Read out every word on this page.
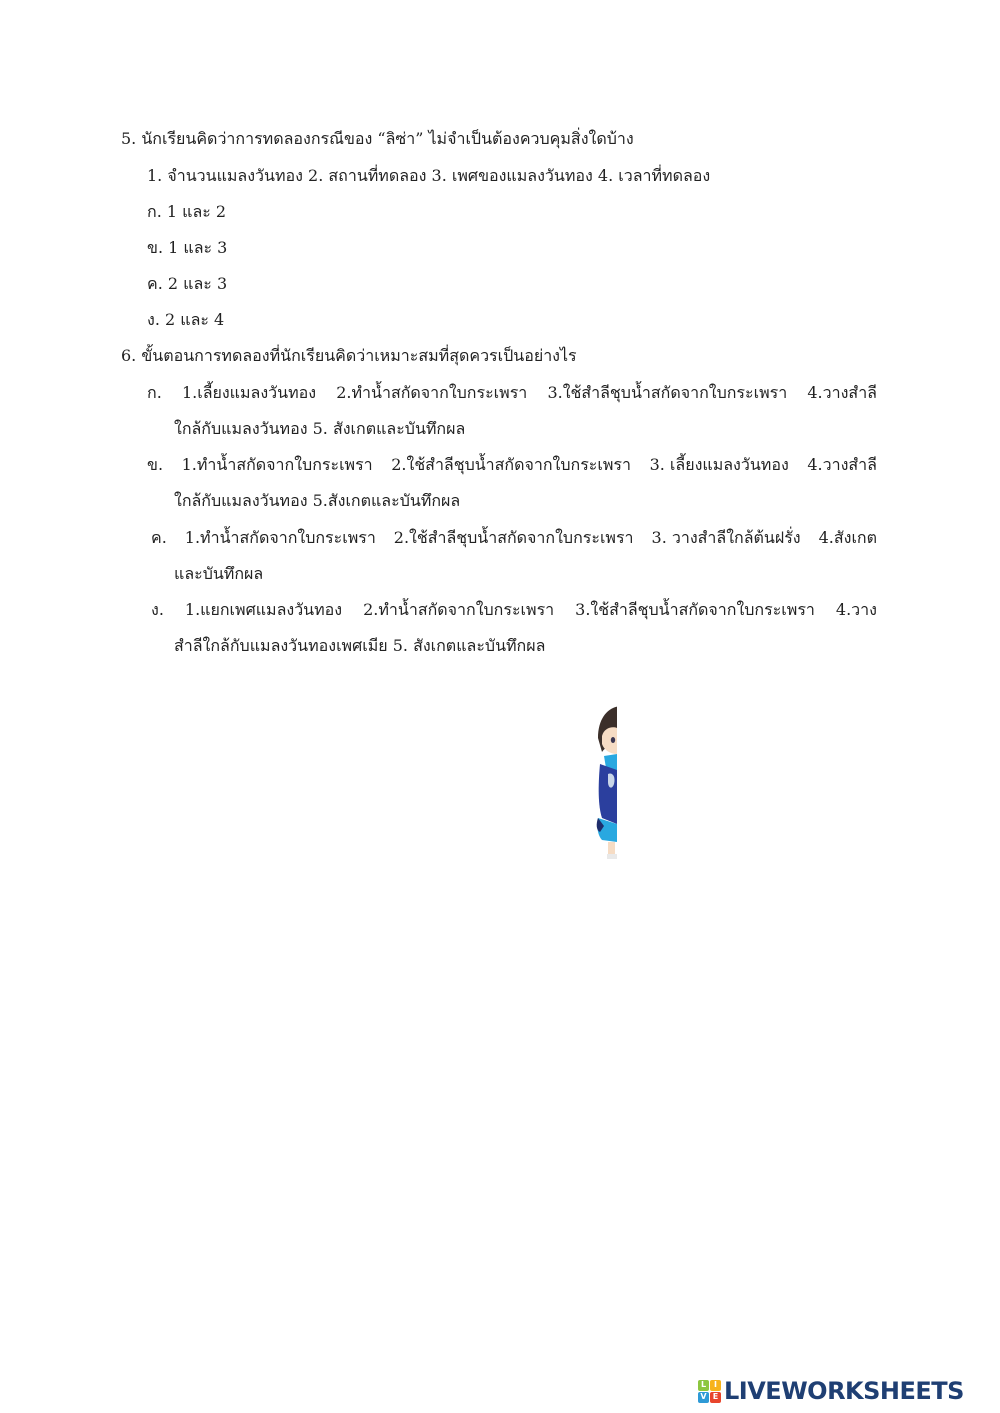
5. นักเรียนคิดว่าการทดลองกรณีของ “ลิซ่า” ไม่จำเป็นต้องควบคุมสิ่งใดบ้าง
1. จำนวนแมลงวันทอง 2. สถานที่ทดลอง 3. เพศของแมลงวันทอง 4. เวลาที่ทดลอง
ก. 1 และ 2
ข. 1 และ 3
ค. 2 และ 3
ง. 2 และ 4
6. ขั้นตอนการทดลองที่นักเรียนคิดว่าเหมาะสมที่สุดควรเป็นอย่างไร
ก. 1.เลี้ยงแมลงวันทอง 2.ทำน้ำสกัดจากใบกระเพรา 3.ใช้สำลีชุบน้ำสกัดจากใบกระเพรา 4.วางสำลี
ใกล้กับแมลงวันทอง 5. สังเกตและบันทึกผล
ข. 1.ทำน้ำสกัดจากใบกระเพรา 2.ใช้สำลีชุบน้ำสกัดจากใบกระเพรา 3. เลี้ยงแมลงวันทอง 4.วางสำลี
ใกล้กับแมลงวันทอง 5.สังเกตและบันทึกผล
ค. 1.ทำน้ำสกัดจากใบกระเพรา 2.ใช้สำลีชุบน้ำสกัดจากใบกระเพรา 3. วางสำลีใกล้ต้นฝรั่ง 4.สังเกต
และบันทึกผล
ง. 1.แยกเพศแมลงวันทอง 2.ทำน้ำสกัดจากใบกระเพรา 3.ใช้สำลีชุบน้ำสกัดจากใบกระเพรา 4.วาง
สำลีใกล้กับแมลงวันทองเพศเมีย 5. สังเกตและบันทึกผล
L I
V E LIVEWORKSHEETS
